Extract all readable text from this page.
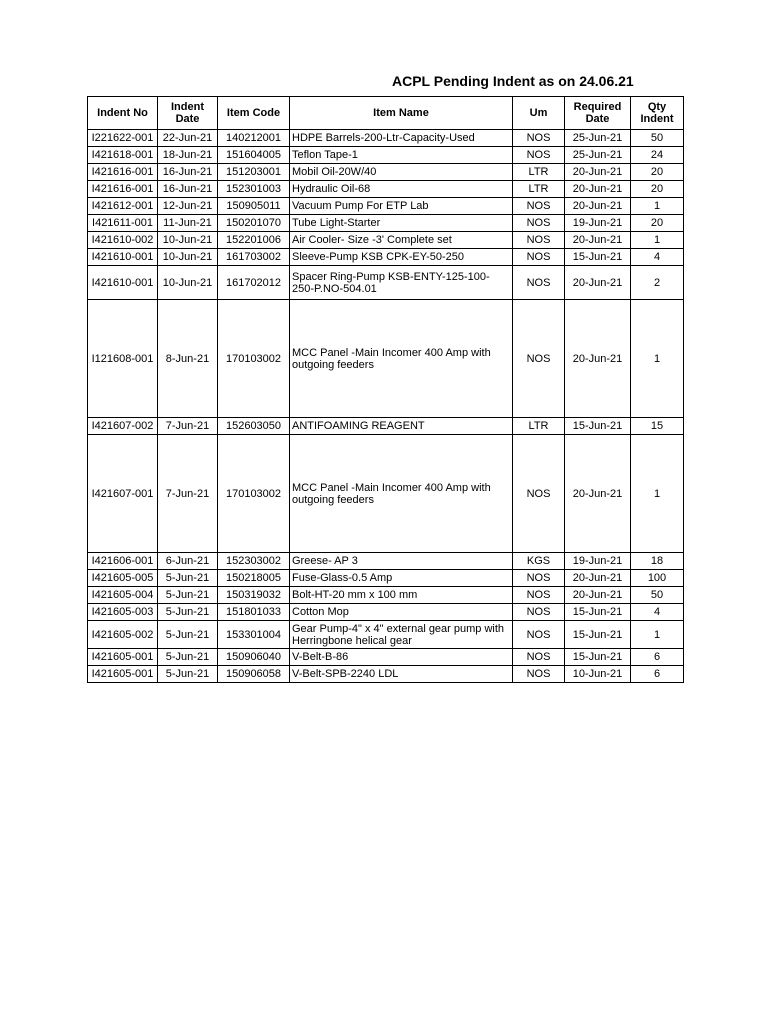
ACPL Pending Indent as on 24.06.21
Indent No	Indent Date	Item Code	Item Name	Um	Required Date	Qty Indent
I221622-001	22-Jun-21	140212001	HDPE Barrels-200-Ltr-Capacity-Used	NOS	25-Jun-21	50
I421618-001	18-Jun-21	151604005	Teflon Tape-1	NOS	25-Jun-21	24
I421616-001	16-Jun-21	151203001	Mobil Oil-20W/40	LTR	20-Jun-21	20
I421616-001	16-Jun-21	152301003	Hydraulic Oil-68	LTR	20-Jun-21	20
I421612-001	12-Jun-21	150905011	Vacuum Pump For ETP Lab	NOS	20-Jun-21	1
I421611-001	11-Jun-21	150201070	Tube Light-Starter	NOS	19-Jun-21	20
I421610-002	10-Jun-21	152201006	Air Cooler- Size -3' Complete set	NOS	20-Jun-21	1
I421610-001	10-Jun-21	161703002	Sleeve-Pump KSB CPK-EY-50-250	NOS	15-Jun-21	4
I421610-001	10-Jun-21	161702012	Spacer Ring-Pump KSB-ENTY-125-100-250-P.NO-504.01	NOS	20-Jun-21	2
I121608-001	8-Jun-21	170103002	MCC Panel -Main Incomer 400 Amp with outgoing feeders	NOS	20-Jun-21	1
I421607-002	7-Jun-21	152603050	ANTIFOAMING REAGENT	LTR	15-Jun-21	15
I421607-001	7-Jun-21	170103002	MCC Panel -Main Incomer 400 Amp with outgoing feeders	NOS	20-Jun-21	1
I421606-001	6-Jun-21	152303002	Greese- AP 3	KGS	19-Jun-21	18
I421605-005	5-Jun-21	150218005	Fuse-Glass-0.5 Amp	NOS	20-Jun-21	100
I421605-004	5-Jun-21	150319032	Bolt-HT-20 mm x 100 mm	NOS	20-Jun-21	50
I421605-003	5-Jun-21	151801033	Cotton Mop	NOS	15-Jun-21	4
I421605-002	5-Jun-21	153301004	Gear Pump-4" x 4" external gear pump with Herringbone helical gear	NOS	15-Jun-21	1
I421605-001	5-Jun-21	150906040	V-Belt-B-86	NOS	15-Jun-21	6
I421605-001	5-Jun-21	150906058	V-Belt-SPB-2240 LDL	NOS	10-Jun-21	6
